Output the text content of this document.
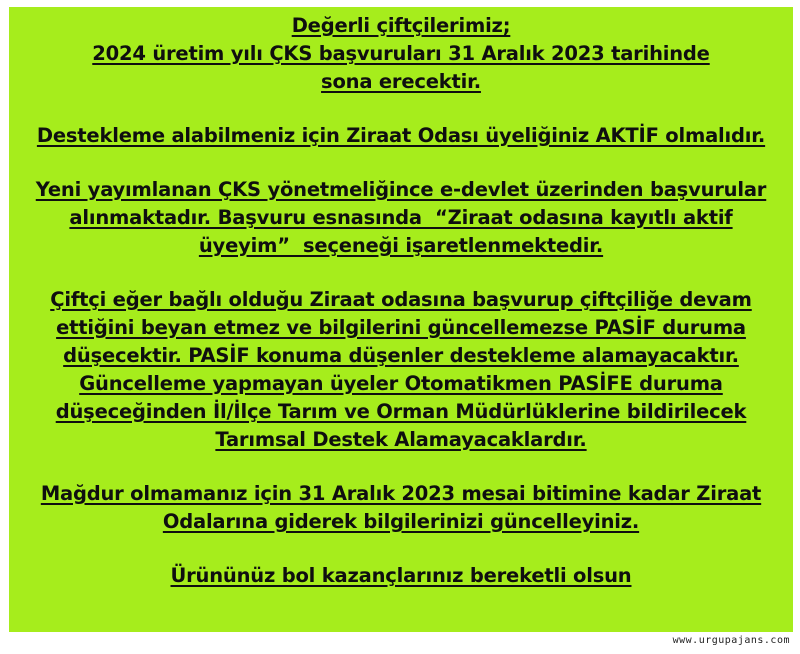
Değerli çiftçilerimiz;
2024 üretim yılı ÇKS başvuruları 31 Aralık 2023 tarihinde
sona erecektir.
Destekleme alabilmeniz için Ziraat Odası üyeliğiniz AKTİF olmalıdır.
Yeni yayımlanan ÇKS yönetmeliğince e-devlet üzerinden başvurular
alınmaktadır. Başvuru esnasında  “Ziraat odasına kayıtlı aktif
üyeyim”  seçeneği işaretlenmektedir.
Çiftçi eğer bağlı olduğu Ziraat odasına başvurup çiftçiliğe devam
ettiğini beyan etmez ve bilgilerini güncellemezse PASİF duruma
düşecektir. PASİF konuma düşenler destekleme alamayacaktır.
Güncelleme yapmayan üyeler Otomatikmen PASİFE duruma
düşeceğinden İl/İlçe Tarım ve Orman Müdürlüklerine bildirilecek
Tarımsal Destek Alamayacaklardır.
Mağdur olmamanız için 31 Aralık 2023 mesai bitimine kadar Ziraat
Odalarına giderek bilgilerinizi güncelleyiniz.
Ürününüz bol kazançlarınız bereketli olsun
www.urgupajans.com
